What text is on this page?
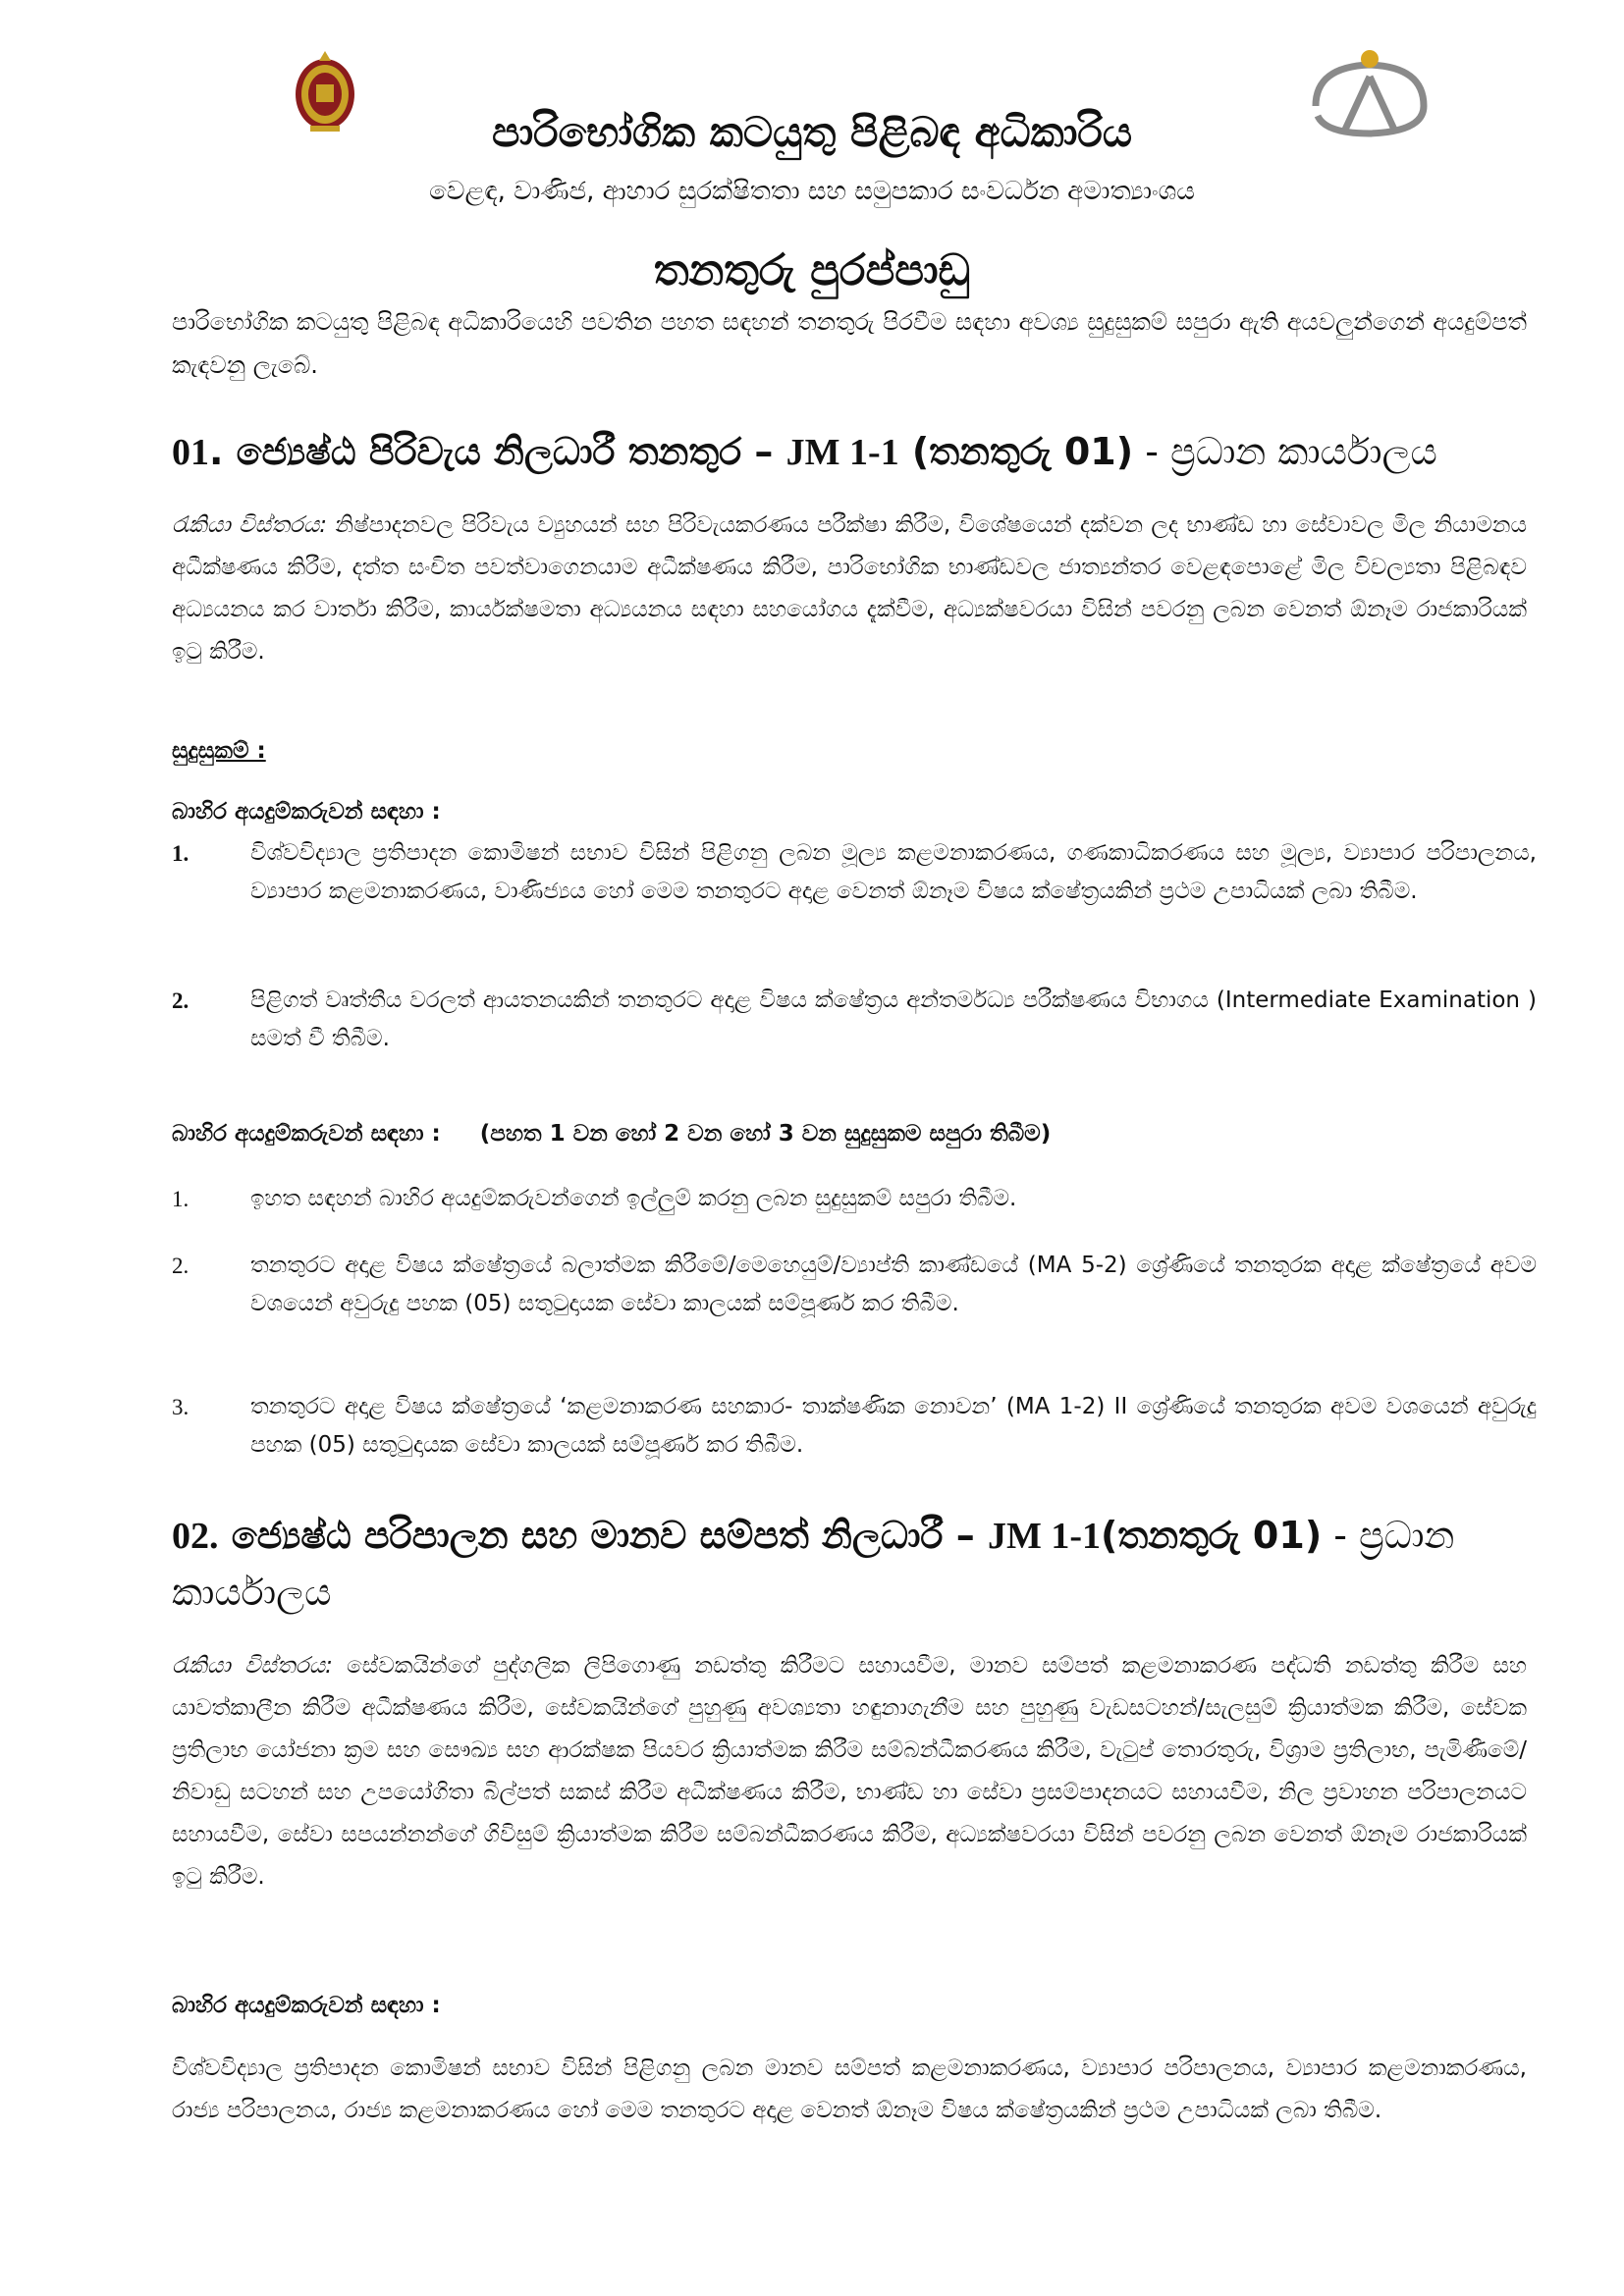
පාරිභෝගික කටයුතු පිළිබඳ අධිකාරිය
වෙළඳ, වාණිජ, ආහාර සුරක්ෂිතතා සහ සමුපකාර සංවර්ධන අමාත්‍යාංශය
තනතුරු පුරප්පාඩු
පාරිභෝගික කටයුතු පිළිබඳ අධිකාරියෙහි පවතින පහත සඳහන් තනතුරු පිරවීම සඳහා අවශ්‍ය සුදුසුකම් සපුරා ඇති අයවලුන්ගෙන් අයදුම්පත් කැඳවනු ලැබේ.
01. ජ්‍යෙෂ්ඨ පිරිවැය නිලධාරී තනතුර – JM 1-1 (තනතුරු 01) - ප්‍රධාන කාර්යාලය
රැකියා විස්තරය: නිෂ්පාදනවල පිරිවැය ව්‍යුහයන් සහ පිරිවැයකරණය පරීක්ෂා කිරීම, විශේෂයෙන් දක්වන ලද භාණ්ඩ හා සේවාවල මිල නියාමනය අධීක්ෂණය කිරීම, දත්ත සංචිත පවත්වාගෙනයාම අධීක්ෂණය කිරීම, පාරිභෝගික භාණ්ඩවල ජාත්‍යන්තර වෙළඳපොළේ මිල විචල්‍යතා පිළිබඳව අධ්‍යයනය කර වාර්තා කිරීම, කාර්යක්ෂමතා අධ්‍යයනය සඳහා සහයෝගය දැක්වීම, අධ්‍යක්ෂවරයා විසින් පවරනු ලබන වෙනත් ඕනෑම රාජකාරියක් ඉටු කිරීම.
සුදුසුකම් :
බාහිර අයදුම්කරුවන් සඳහා :
1.	විශ්වවිද්‍යාල ප්‍රතිපාදන කොමිෂන් සභාව විසින් පිළිගනු ලබන මූල්‍ය කළමනාකරණය, ගණකාධිකරණය සහ මූල්‍ය, ව්‍යාපාර පරිපාලනය, ව්‍යාපාර කළමනාකරණය, වාණිජ්‍යය හෝ මෙම තනතුරට අදාළ වෙනත් ඕනෑම විෂය ක්ෂේත්‍රයකින් ප්‍රථම උපාධියක් ලබා තිබීම.
2.	පිළිගත් වෘත්තීය වරලත් ආයතනයකින් තනතුරට අදාළ විෂය ක්ෂේත්‍රය අන්තර්මධ්‍ය පරීක්ෂණය විභාගය (Intermediate Examination ) සමත් වී තිබීම.
බාහිර අයදුම්කරුවන් සඳහා : (පහත 1 වන හෝ 2 වන හෝ 3 වන සුදුසුකම සපුරා තිබීම)
1.	ඉහත සඳහන් බාහිර අයදුම්කරුවන්ගෙන් ඉල්ලුම් කරනු ලබන සුදුසුකම් සපුරා තිබීම.
2.	තනතුරට අදාළ විෂය ක්ෂේත්‍රයේ බලාත්මක කිරීමේ/මෙහෙයුම්/ව්‍යාප්ති කාණ්ඩයේ (MA 5-2) ශ්‍රේණියේ තනතුරක අදාළ ක්ෂේත්‍රයේ අවම වශයෙන් අවුරුදු පහක (05) සතුටුදායක සේවා කාලයක් සම්පූර්ණ කර තිබීම.
3.	තනතුරට අදාළ විෂය ක්ෂේත්‍රයේ ‘කළමනාකරණ සහකාර- තාක්ෂණික නොවන’ (MA 1-2) II ශ්‍රේණියේ තනතුරක අවම වශයෙන් අවුරුදු පහක (05) සතුටුදායක සේවා කාලයක් සම්පූර්ණ කර තිබීම.
02. ජ්‍යෙෂ්ඨ පරිපාලන සහ මානව සම්පත් නිලධාරී – JM 1-1(තනතුරු 01) - ප්‍රධාන
කාර්යාලය
රැකියා විස්තරය: සේවකයින්ගේ පුද්ගලික ලිපිගොණු නඩත්තු කිරීමට සහායවීම, මානව සම්පත් කළමනාකරණ පද්ධති නඩත්තු කිරීම සහ යාවත්කාලීන කිරීම අධීක්ෂණය කිරීම, සේවකයින්ගේ පුහුණු අවශ්‍යතා හඳුනාගැනීම සහ පුහුණු වැඩසටහන්/සැලසුම් ක්‍රියාත්මක කිරීම, සේවක ප්‍රතිලාභ යෝජනා ක්‍රම සහ සෞඛ්‍ය සහ ආරක්ෂක පියවර ක්‍රියාත්මක කිරීම සම්බන්ධීකරණය කිරීම, වැටුප් තොරතුරු, විශ්‍රාම ප්‍රතිලාභ, පැමිණීමේ/නිවාඩු සටහන් සහ උපයෝගිතා බිල්පත් සකස් කිරීම අධීක්ෂණය කිරීම, භාණ්ඩ හා සේවා ප්‍රසම්පාදනයට සහායවීම, නිල ප්‍රවාහන පරිපාලනයට සහායවීම, සේවා සපයන්නන්ගේ ගිවිසුම් ක්‍රියාත්මක කිරීම සම්බන්ධීකරණය කිරීම, අධ්‍යක්ෂවරයා විසින් පවරනු ලබන වෙනත් ඕනෑම රාජකාරියක් ඉටු කිරීම.
බාහිර අයදුම්කරුවන් සඳහා :
විශ්වවිද්‍යාල ප්‍රතිපාදන කොමිෂන් සභාව විසින් පිළිගනු ලබන මානව සම්පත් කළමනාකරණය, ව්‍යාපාර පරිපාලනය, ව්‍යාපාර කළමනාකරණය, රාජ්‍ය පරිපාලනය, රාජ්‍ය කළමනාකරණය හෝ මෙම තනතුරට අදාළ වෙනත් ඕනෑම විෂය ක්ෂේත්‍රයකින් ප්‍රථම උපාධියක් ලබා තිබීම.
